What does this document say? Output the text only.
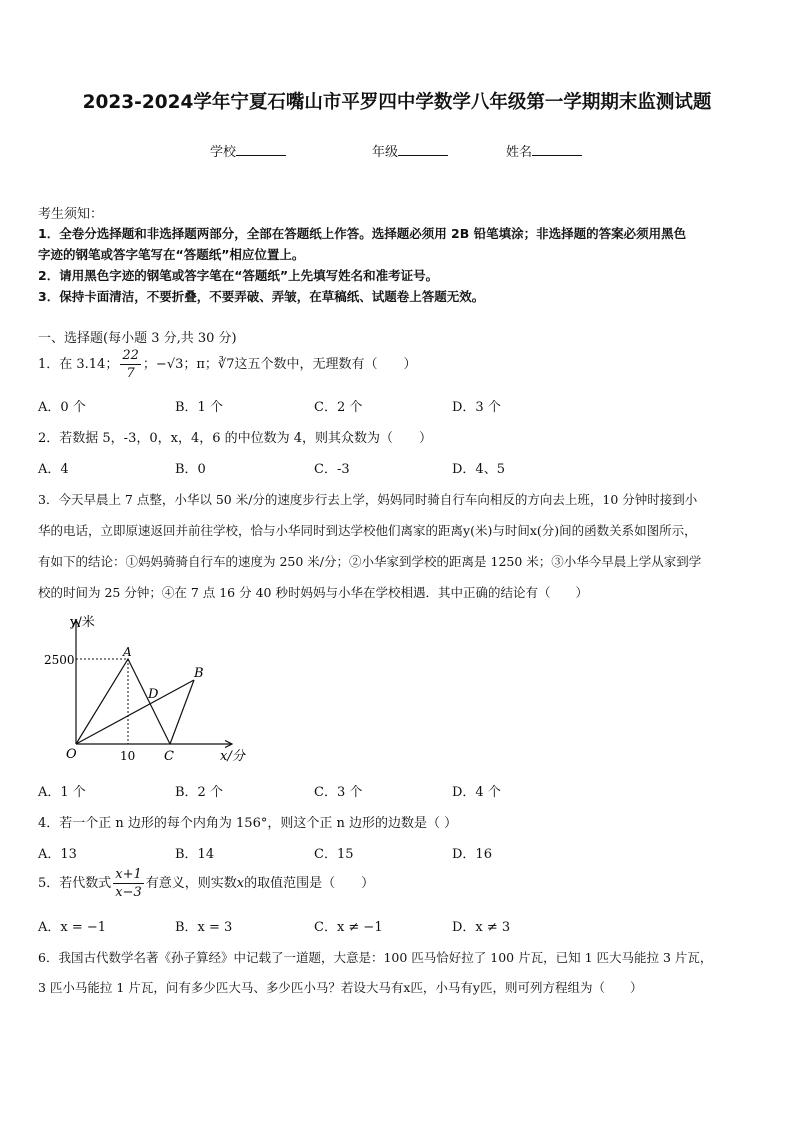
2023-2024学年宁夏石嘴山市平罗四中学数学八年级第一学期期末监测试题
学校	年级	姓名
考生须知：
1．全卷分选择题和非选择题两部分，全部在答题纸上作答。选择题必须用 2B 铅笔填涂；非选择题的答案必须用黑色
字迹的钢笔或答字笔写在“答题纸”相应位置上。
2．请用黑色字迹的钢笔或答字笔在“答题纸”上先填写姓名和准考证号。
3．保持卡面清洁，不要折叠，不要弄破、弄皱，在草稿纸、试题卷上答题无效。
一、选择题(每小题 3 分,共 30 分)
1．在 3.14； $\frac{22}{7}$ ；−√3；π；∛7这五个数中，无理数有（　　）
A．0 个	B．1 个	C．2 个	D．3 个
2．若数据 5，-3，0，x，4，6 的中位数为 4，则其众数为（　　）
A．4	B．0	C．-3	D．4、5
3．今天早晨上 7 点整，小华以 50 米/分的速度步行去上学，妈妈同时骑自行车向相反的方向去上班，10 分钟时接到小
华的电话，立即原速返回并前往学校，恰与小华同时到达学校他们离家的距离y(米)与时间x(分)间的函数关系如图所示，
有如下的结论：①妈妈骑骑自行车的速度为 250 米/分；②小华家到学校的距离是 1250 米；③小华今早晨上学从家到学
校的时间为 25 分钟；④在 7 点 16 分 40 秒时妈妈与小华在学校相遇．其中正确的结论有（　　）
y/米
x/分
2500
10
O
A
B
C
D
A．1 个	B．2 个	C．3 个	D．4 个
4．若一个正 n 边形的每个内角为 156°，则这个正 n 边形的边数是（ ）
A．13	B．14	C．15	D．16
5．若代数式 $\frac{x+1}{x-3}$ 有意义，则实数x的取值范围是（　　）
A．x = −1	B．x = 3	C．x ≠ −1	D．x ≠ 3
6．我国古代数学名著《孙子算经》中记载了一道题，大意是：100 匹马恰好拉了 100 片瓦，已知 1 匹大马能拉 3 片瓦，
3 匹小马能拉 1 片瓦，问有多少匹大马、多少匹小马？若设大马有x匹，小马有y匹，则可列方程组为（　　）
